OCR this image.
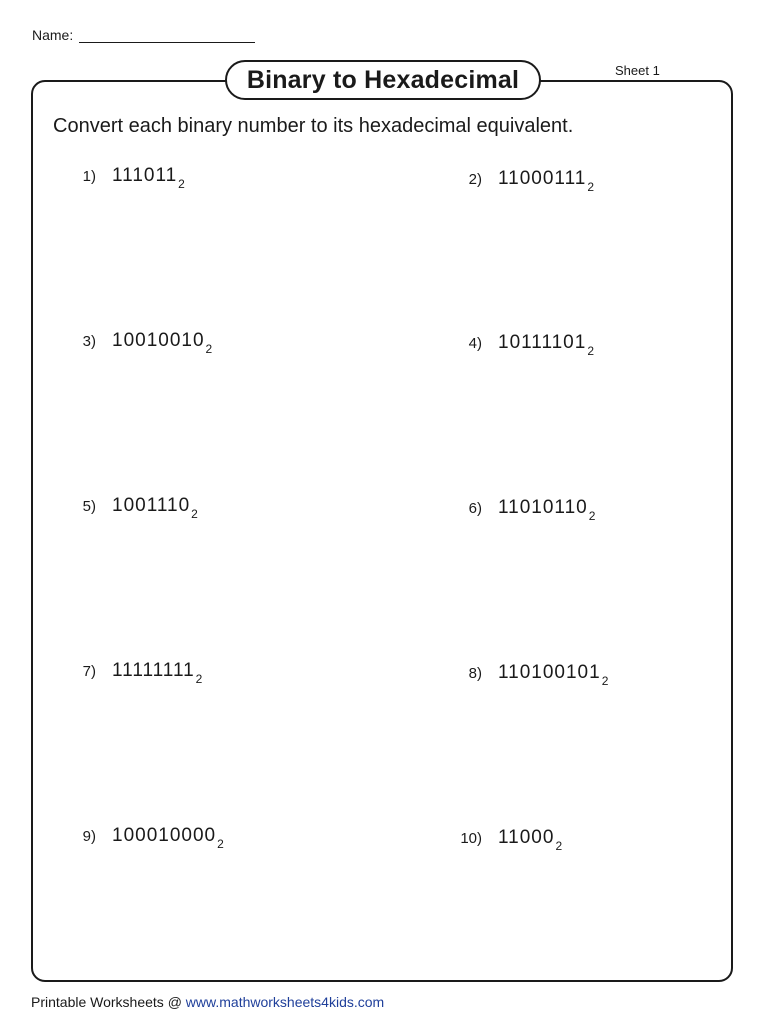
Name:
Sheet 1
Binary to Hexadecimal
Convert each binary number to its hexadecimal equivalent.
1) 111011 2
3) 10010010 2
5) 1001110 2
7) 11111111 2
9) 100010000 2
2) 11000111 2
4) 10111101 2
6) 11010110 2
8) 110100101 2
10) 11000 2
Printable Worksheets @ www.mathworksheets4kids.com
